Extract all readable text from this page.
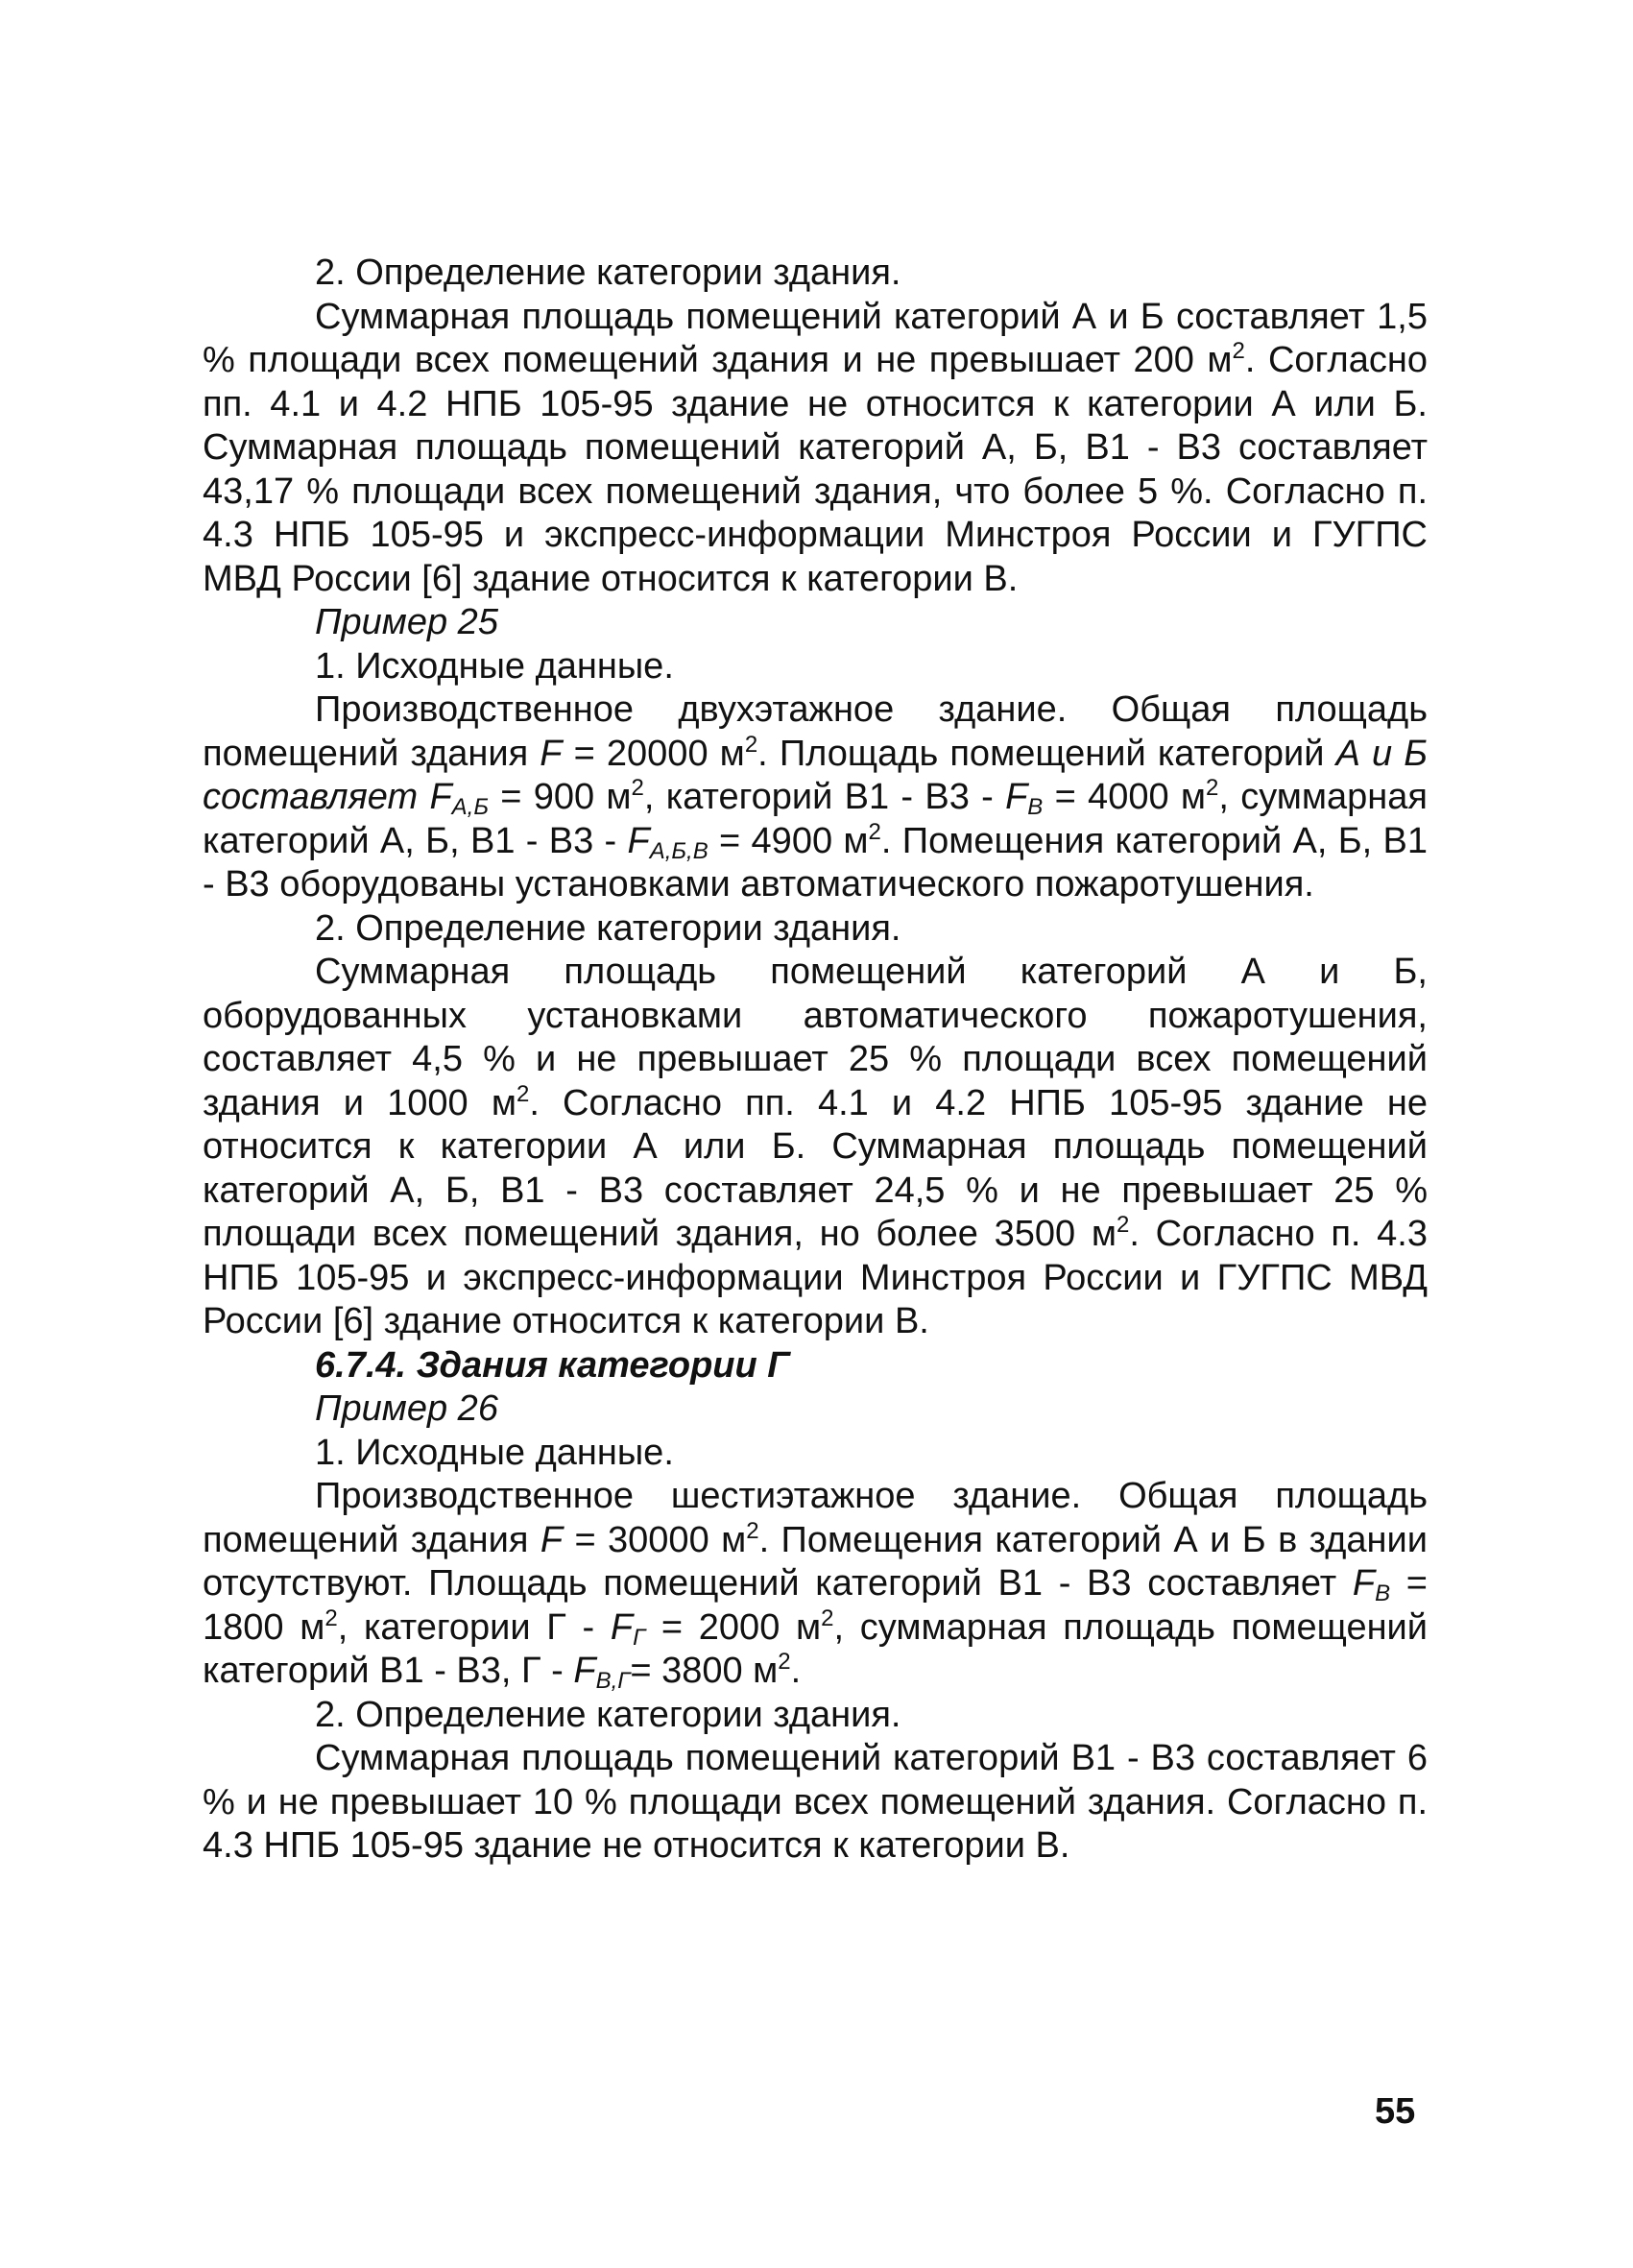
2. Определение категории здания.

Суммарная площадь помещений категорий А и Б составляет 1,5 % площади всех помещений здания и не превышает 200 $м^2$. Согласно пп. 4.1 и 4.2 НПБ 105-95 здание не относится к категории А или Б. Суммарная площадь помещений категорий А, Б, В1 - В3 составляет 43,17 % площади всех помещений здания, что более 5 %. Согласно п. 4.3 НПБ 105-95 и экспресс-информации Минстроя России и ГУГПС МВД России [6] здание относится к категории В.

Пример 25

1. Исходные данные.

Производственное двухэтажное здание. Общая площадь помещений здания F = 20000 $м^2$. Площадь помещений категорий А и Б составляет $F_{А,Б} = 900$ $м^2$, категорий $В1 - В3 - F_В = 4000$ $м^2$, суммарная категорий А, Б, $В1 - В3 - F_{А,Б,В} = 4900$ $м^2$. Помещения категорий А, Б, В1 - В3 оборудованы установками автоматического пожаротушения.

2. Определение категории здания.

Суммарная площадь помещений категорий А и Б, оборудованных установками автоматического пожаротушения, составляет 4,5 % и не превышает 25 % площади всех помещений здания и 1000 $м^2$. Согласно пп. 4.1 и 4.2 НПБ 105-95 здание не относится к категории А или Б. Суммарная площадь помещений категорий А, Б, В1 - В3 составляет 24,5 % и не превышает 25 % площади всех помещений здания, но более 3500 $м^2$. Согласно п. 4.3 НПБ 105-95 и экспресс-информации Минстроя России и ГУГПС МВД России [6] здание относится к категории В.

6.7.4. Здания категории Г

Пример 26

1. Исходные данные.

Производственное шестиэтажное здание. Общая площадь помещений здания F = 30000 $м^2$. Помещения категорий А и Б в здании отсутствуют. Площадь помещений категорий В1 - В3 составляет $F_В = 1800$ $м^2$, категории $Г - F_Г = 2000$ $м^2$, суммарная площадь помещений категорий В1 - В3, $Г - F_{В,Г}= 3800$ $м^2$.

2. Определение категории здания.

Суммарная площадь помещений категорий В1 - В3 составляет 6 % и не превышает 10 % площади всех помещений здания. Согласно п. 4.3 НПБ 105-95 здание не относится к категории В.

55
